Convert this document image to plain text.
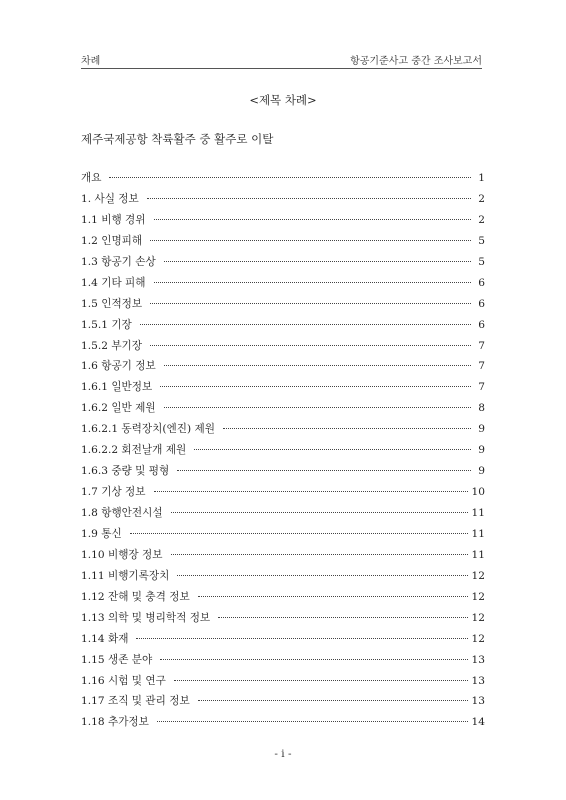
차례	항공기준사고 중간 조사보고서
<제목 차례>
제주국제공항 착륙활주 중 활주로 이탈
개요	1
1. 사실 정보	2
1.1 비행 경위	2
1.2 인명피해	5
1.3 항공기 손상	5
1.4 기타 피해	6
1.5 인적정보	6
1.5.1 기장	6
1.5.2 부기장	7
1.6 항공기 정보	7
1.6.1 일반정보	7
1.6.2 일반 제원	8
1.6.2.1 동력장치(엔진) 제원	9
1.6.2.2 회전날개 제원	9
1.6.3 중량 및 평형	9
1.7 기상 정보	10
1.8 항행안전시설	11
1.9 통신	11
1.10 비행장 정보	11
1.11 비행기록장치	12
1.12 잔해 및 충격 정보	12
1.13 의학 및 병리학적 정보	12
1.14 화재	12
1.15 생존 분야	13
1.16 시험 및 연구	13
1.17 조직 및 관리 정보	13
1.18 추가정보	14
- i -
